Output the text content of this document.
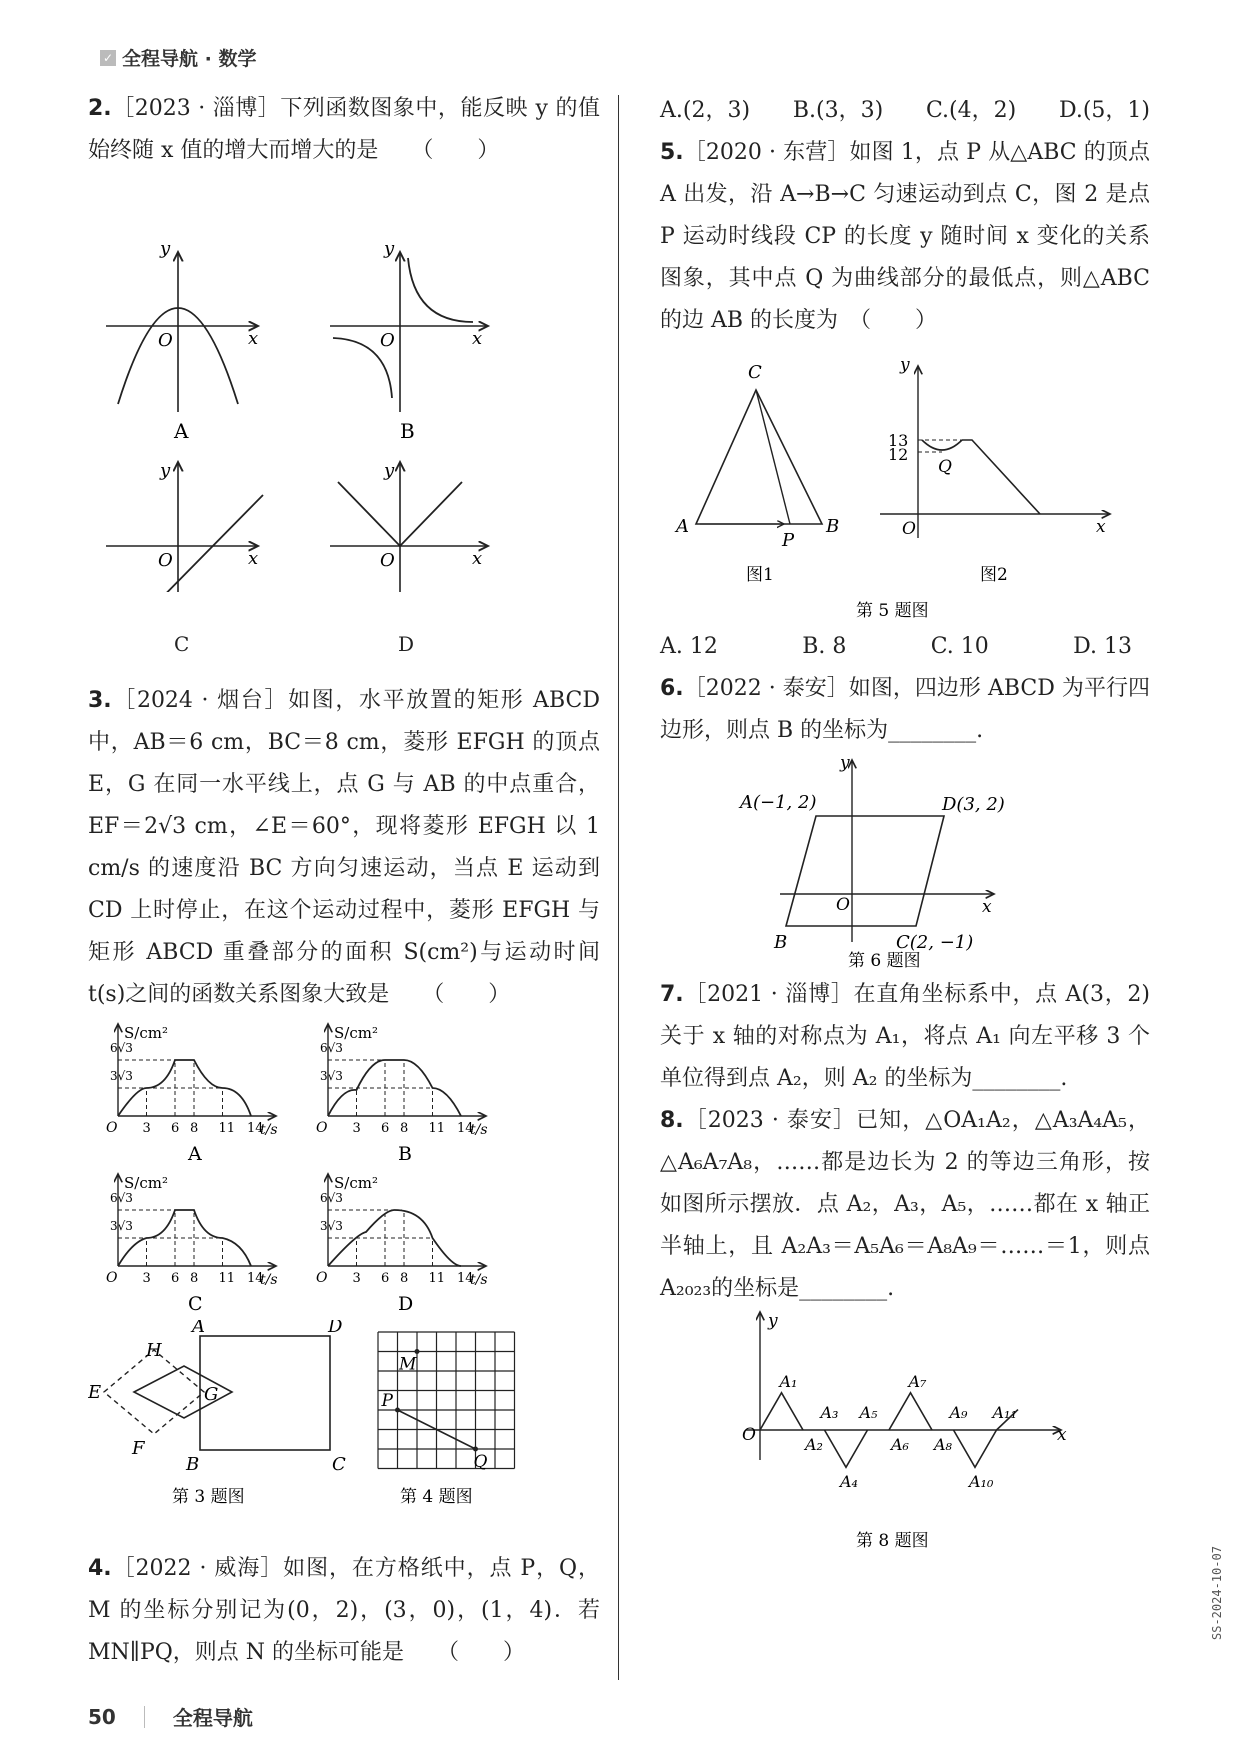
✓ 全程导航 · 数学

2.［2023 · 淄博］下列函数图象中，能反映 y 的值始终随 x 值的增大而增大的是　　（　　）

y
x
O
A
y
x
O
B
y
x
O
y
x
O
C	D

3.［2024 · 烟台］如图，水平放置的矩形 ABCD 中，AB＝6 cm，BC＝8 cm，菱形 EFGH 的顶点 E，G 在同一水平线上，点 G 与 AB 的中点重合，EF＝2√3 cm，∠E＝60°，现将菱形 EFGH 以 1 cm/s 的速度沿 BC 方向匀速运动，当点 E 运动到 CD 上时停止，在这个运动过程中，菱形 EFGH 与矩形 ABCD 重叠部分的面积 S(cm²)与运动时间 t(s)之间的函数关系图象大致是　　（　　）

S/cm²
6√3
3√3
O 3 6 8 11 14
t/s
A
S/cm²
6√3
3√3
O 3 6 8 11 14
t/s
B
S/cm²
6√3
3√3
O 3 6 8 11 14
t/s
C
S/cm²
6√3
3√3
O 3 6 8 11 14
t/s
D

A	D
B	C
H
E	G
F
第 3 题图
M
P
Q
第 4 题图

4.［2022 · 威海］如图，在方格纸中，点 P，Q，M 的坐标分别记为(0，2)，(3，0)，(1，4)．若 MN∥PQ，则点 N 的坐标可能是　　（　　）

A.(2，3) B.(3，3) C.(4，2) D.(5，1)

5.［2020 · 东营］如图 1，点 P 从△ABC 的顶点 A 出发，沿 A→B→C 匀速运动到点 C，图 2 是点 P 运动时线段 CP 的长度 y 随时间 x 变化的关系图象，其中点 Q 为曲线部分的最低点，则△ABC 的边 AB 的长度为　（　　）

C
A	B
P
图1
y
13
12
Q
O	x
图2
第 5 题图
A. 12	B. 8	C. 10	D. 13

6.［2022 · 泰安］如图，四边形 ABCD 为平行四边形，则点 B 的坐标为________.

y
A(−1, 2)	D(3, 2)
O	x
B	C(2, −1)
第 6 题图

7.［2021 · 淄博］在直角坐标系中，点 A(3，2)关于 x 轴的对称点为 A₁，将点 A₁ 向左平移 3 个单位得到点 A₂，则 A₂ 的坐标为________.

8.［2023 · 泰安］已知，△OA₁A₂，△A₃A₄A₅，△A₆A₇A₈，……都是边长为 2 的等边三角形，按如图所示摆放．点 A₂，A₃，A₅，……都在 x 轴正半轴上，且 A₂A₃＝A₅A₆＝A₈A₉＝……＝1，则点 A₂₀₂₃的坐标是________.

y
x
O
A₁
A₂
A₃
A₄
A₅
A₆
A₇
A₈
A₉
A₁₀
A₁₁
第 8 题图
50	全程导航
SS-2024-10-07
